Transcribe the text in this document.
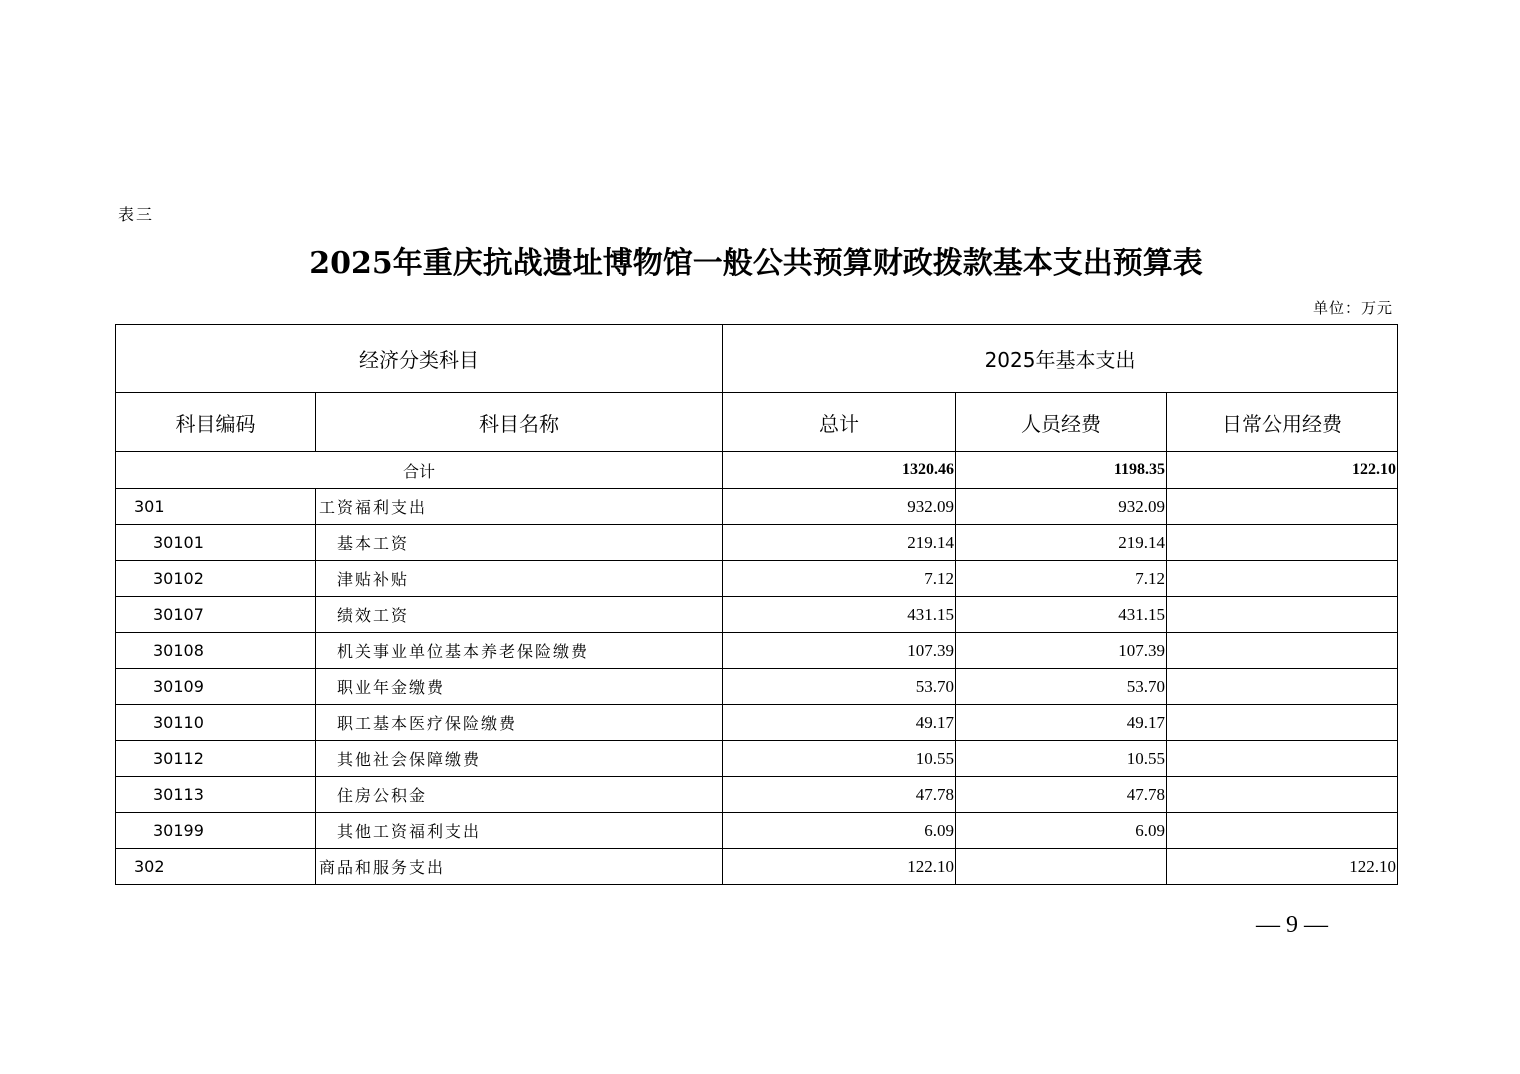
表三
2025年重庆抗战遗址博物馆一般公共预算财政拨款基本支出预算表
单位：万元
经济分类科目		2025年基本支出		
科目编码	科目名称	总计	人员经费	日常公用经费
合计		1320.46	1198.35	122.10
301	工资福利支出	932.09	932.09	
30101	基本工资	219.14	219.14	
30102	津贴补贴	7.12	7.12	
30107	绩效工资	431.15	431.15	
30108	机关事业单位基本养老保险缴费	107.39	107.39	
30109	职业年金缴费	53.70	53.70	
30110	职工基本医疗保险缴费	49.17	49.17	
30112	其他社会保障缴费	10.55	10.55	
30113	住房公积金	47.78	47.78	
30199	其他工资福利支出	6.09	6.09	
302	商品和服务支出	122.10		122.10
— 9 —
